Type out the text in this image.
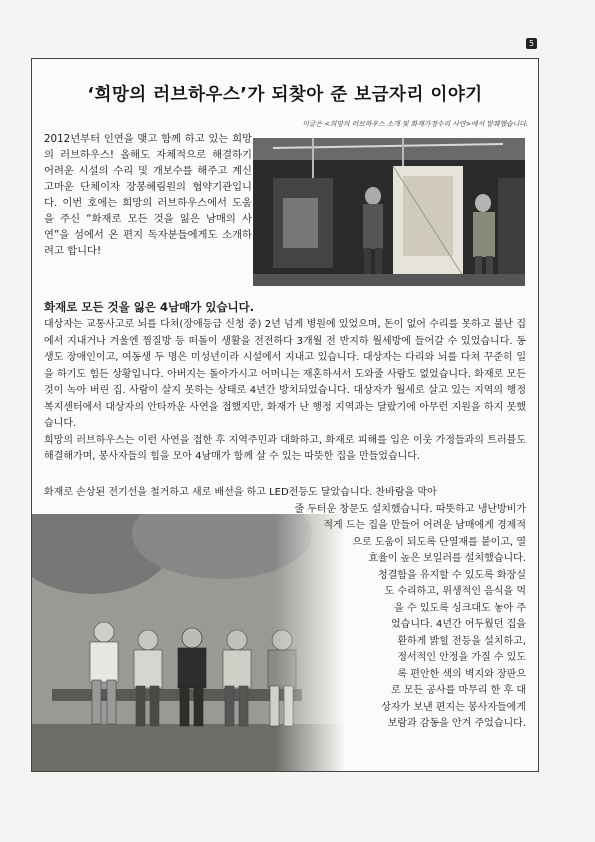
5
‘희망의 러브하우스’가 되찾아 준 보금자리 이야기
이글은 <희망의 러브하우스 소개 및 화재가정수리 사연>에서 발췌했습니다.

2012년부터 인연을 맺고 함께 하고 있는 희망의 러브하우스! 올해도 자체적으로 해결하기 어려운 시설의 수리 및 개보수를 해주고 계신 고마운 단체이자 장봉혜림원의 협약기관입니다. 이번 호에는 희망의 러브하우스에서 도움을 주신 “화재로 모든 것을 잃은 남매의 사연”을 섬에서 온 편지 독자분들에게도 소개하려고 합니다!

화재로 모든 것을 잃은 4남매가 있습니다.

대상자는 교통사고로 뇌를 다쳐(장애등급 신청 중) 2년 넘게 병원에 있었으며, 돈이 없어 수리를 못하고 불난 집에서 지내거나 겨울엔 찜질방 등 떠돌이 생활을 전전하다 3개월 전 반지하 월세방에 들어갈 수 있었습니다. 동생도 장애인이고, 여동생 두 명은 미성년이라 시설에서 지내고 있습니다. 대상자는 다리와 뇌를 다쳐 꾸준히 일을 하기도 힘든 상황입니다. 아버지는 돌아가시고 어머니는 재혼하셔서 도와줄 사람도 없었습니다. 화재로 모든 것이 녹아 버린 집. 사람이 살지 못하는 상태로 4년간 방치되었습니다. 대상자가 월세로 살고 있는 지역의 행정복지센터에서 대상자의 안타까운 사연을 접했지만, 화재가 난 행정 지역과는 달랐기에 아무런 지원을 하지 못했습니다.

희망의 러브하우스는 이런 사연을 접한 후 지역주민과 대화하고, 화재로 피해를 입은 이웃 가정들과의 트러블도 해결해가며, 봉사자들의 힘을 모아 4남매가 함께 살 수 있는 따뜻한 집을 만들었습니다.

화재로 손상된 전기선을 철거하고 새로 배선을 하고 LED전등도 달았습니다. 찬바람을 막아
줄 두터운 창문도 설치했습니다. 따뜻하고 냉난방비가
적게 드는 집을 만들어 어려운 남매에게 경제적
으로 도움이 되도록 단열재를 붙이고, 열
효율이 높은 보일러를 설치했습니다.
청결함을 유지할 수 있도록 화장실
도 수리하고, 위생적인 음식을 먹
을 수 있도록 싱크대도 놓아 주
었습니다. 4년간 어두웠던 집을
환하게 밝힐 전등을 설치하고,
정서적인 안정을 가질 수 있도
록 편안한 색의 벽지와 장판으
로 모든 공사를 마무리 한 후 대
상자가 보낸 편지는 봉사자들에게
보람과 감동을 안겨 주었습니다.
